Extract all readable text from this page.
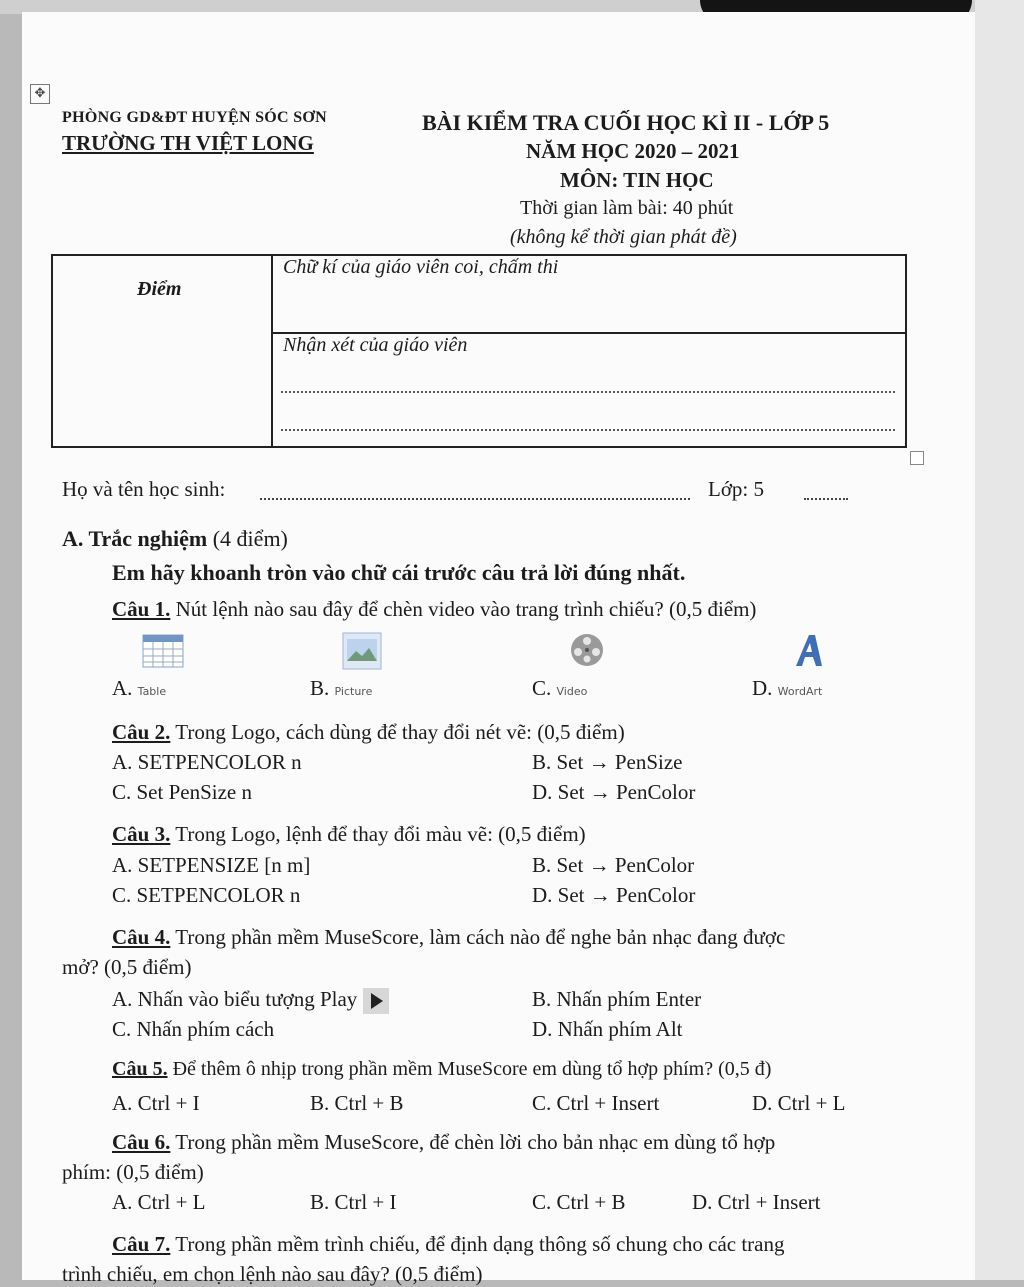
✥
PHÒNG GD&ĐT HUYỆN SÓC SƠN
TRƯỜNG TH VIỆT LONG
BÀI KIỂM TRA CUỐI HỌC KÌ II - LỚP 5
NĂM HỌC 2020 – 2021
MÔN: TIN HỌC
Thời gian làm bài: 40 phút
(không kể thời gian phát đề)
Điểm
Chữ kí của giáo viên coi, chấm thi
Nhận xét của giáo viên
Họ và tên học sinh:	Lớp: 5
A. Trắc nghiệm (4 điểm)
Em hãy khoanh tròn vào chữ cái trước câu trả lời đúng nhất.
Câu 1. Nút lệnh nào sau đây để chèn video vào trang trình chiếu? (0,5 điểm)
A. Table	B. Picture	C. Video	D. WordArt
Câu 2. Trong Logo, cách dùng để thay đổi nét vẽ: (0,5 điểm)
A. SETPENCOLOR n	B. Set → PenSize
C. Set PenSize n	D. Set → PenColor
Câu 3. Trong Logo, lệnh để thay đổi màu vẽ: (0,5 điểm)
A. SETPENSIZE [n m]	B. Set → PenColor
C. SETPENCOLOR n	D. Set → PenColor
Câu 4. Trong phần mềm MuseScore, làm cách nào để nghe bản nhạc đang được
mở? (0,5 điểm)
A. Nhấn vào biểu tượng Play	B. Nhấn phím Enter
C. Nhấn phím cách	D. Nhấn phím Alt
Câu 5. Để thêm ô nhịp trong phần mềm MuseScore em dùng tổ hợp phím? (0,5 đ)
A. Ctrl + I	B. Ctrl + B	C. Ctrl + Insert	D. Ctrl + L
Câu 6. Trong phần mềm MuseScore, để chèn lời cho bản nhạc em dùng tổ hợp
phím: (0,5 điểm)
A. Ctrl + L	B. Ctrl + I	C. Ctrl + B	D. Ctrl + Insert
Câu 7. Trong phần mềm trình chiếu, để định dạng thông số chung cho các trang
trình chiếu, em chọn lệnh nào sau đây? (0,5 điểm)
